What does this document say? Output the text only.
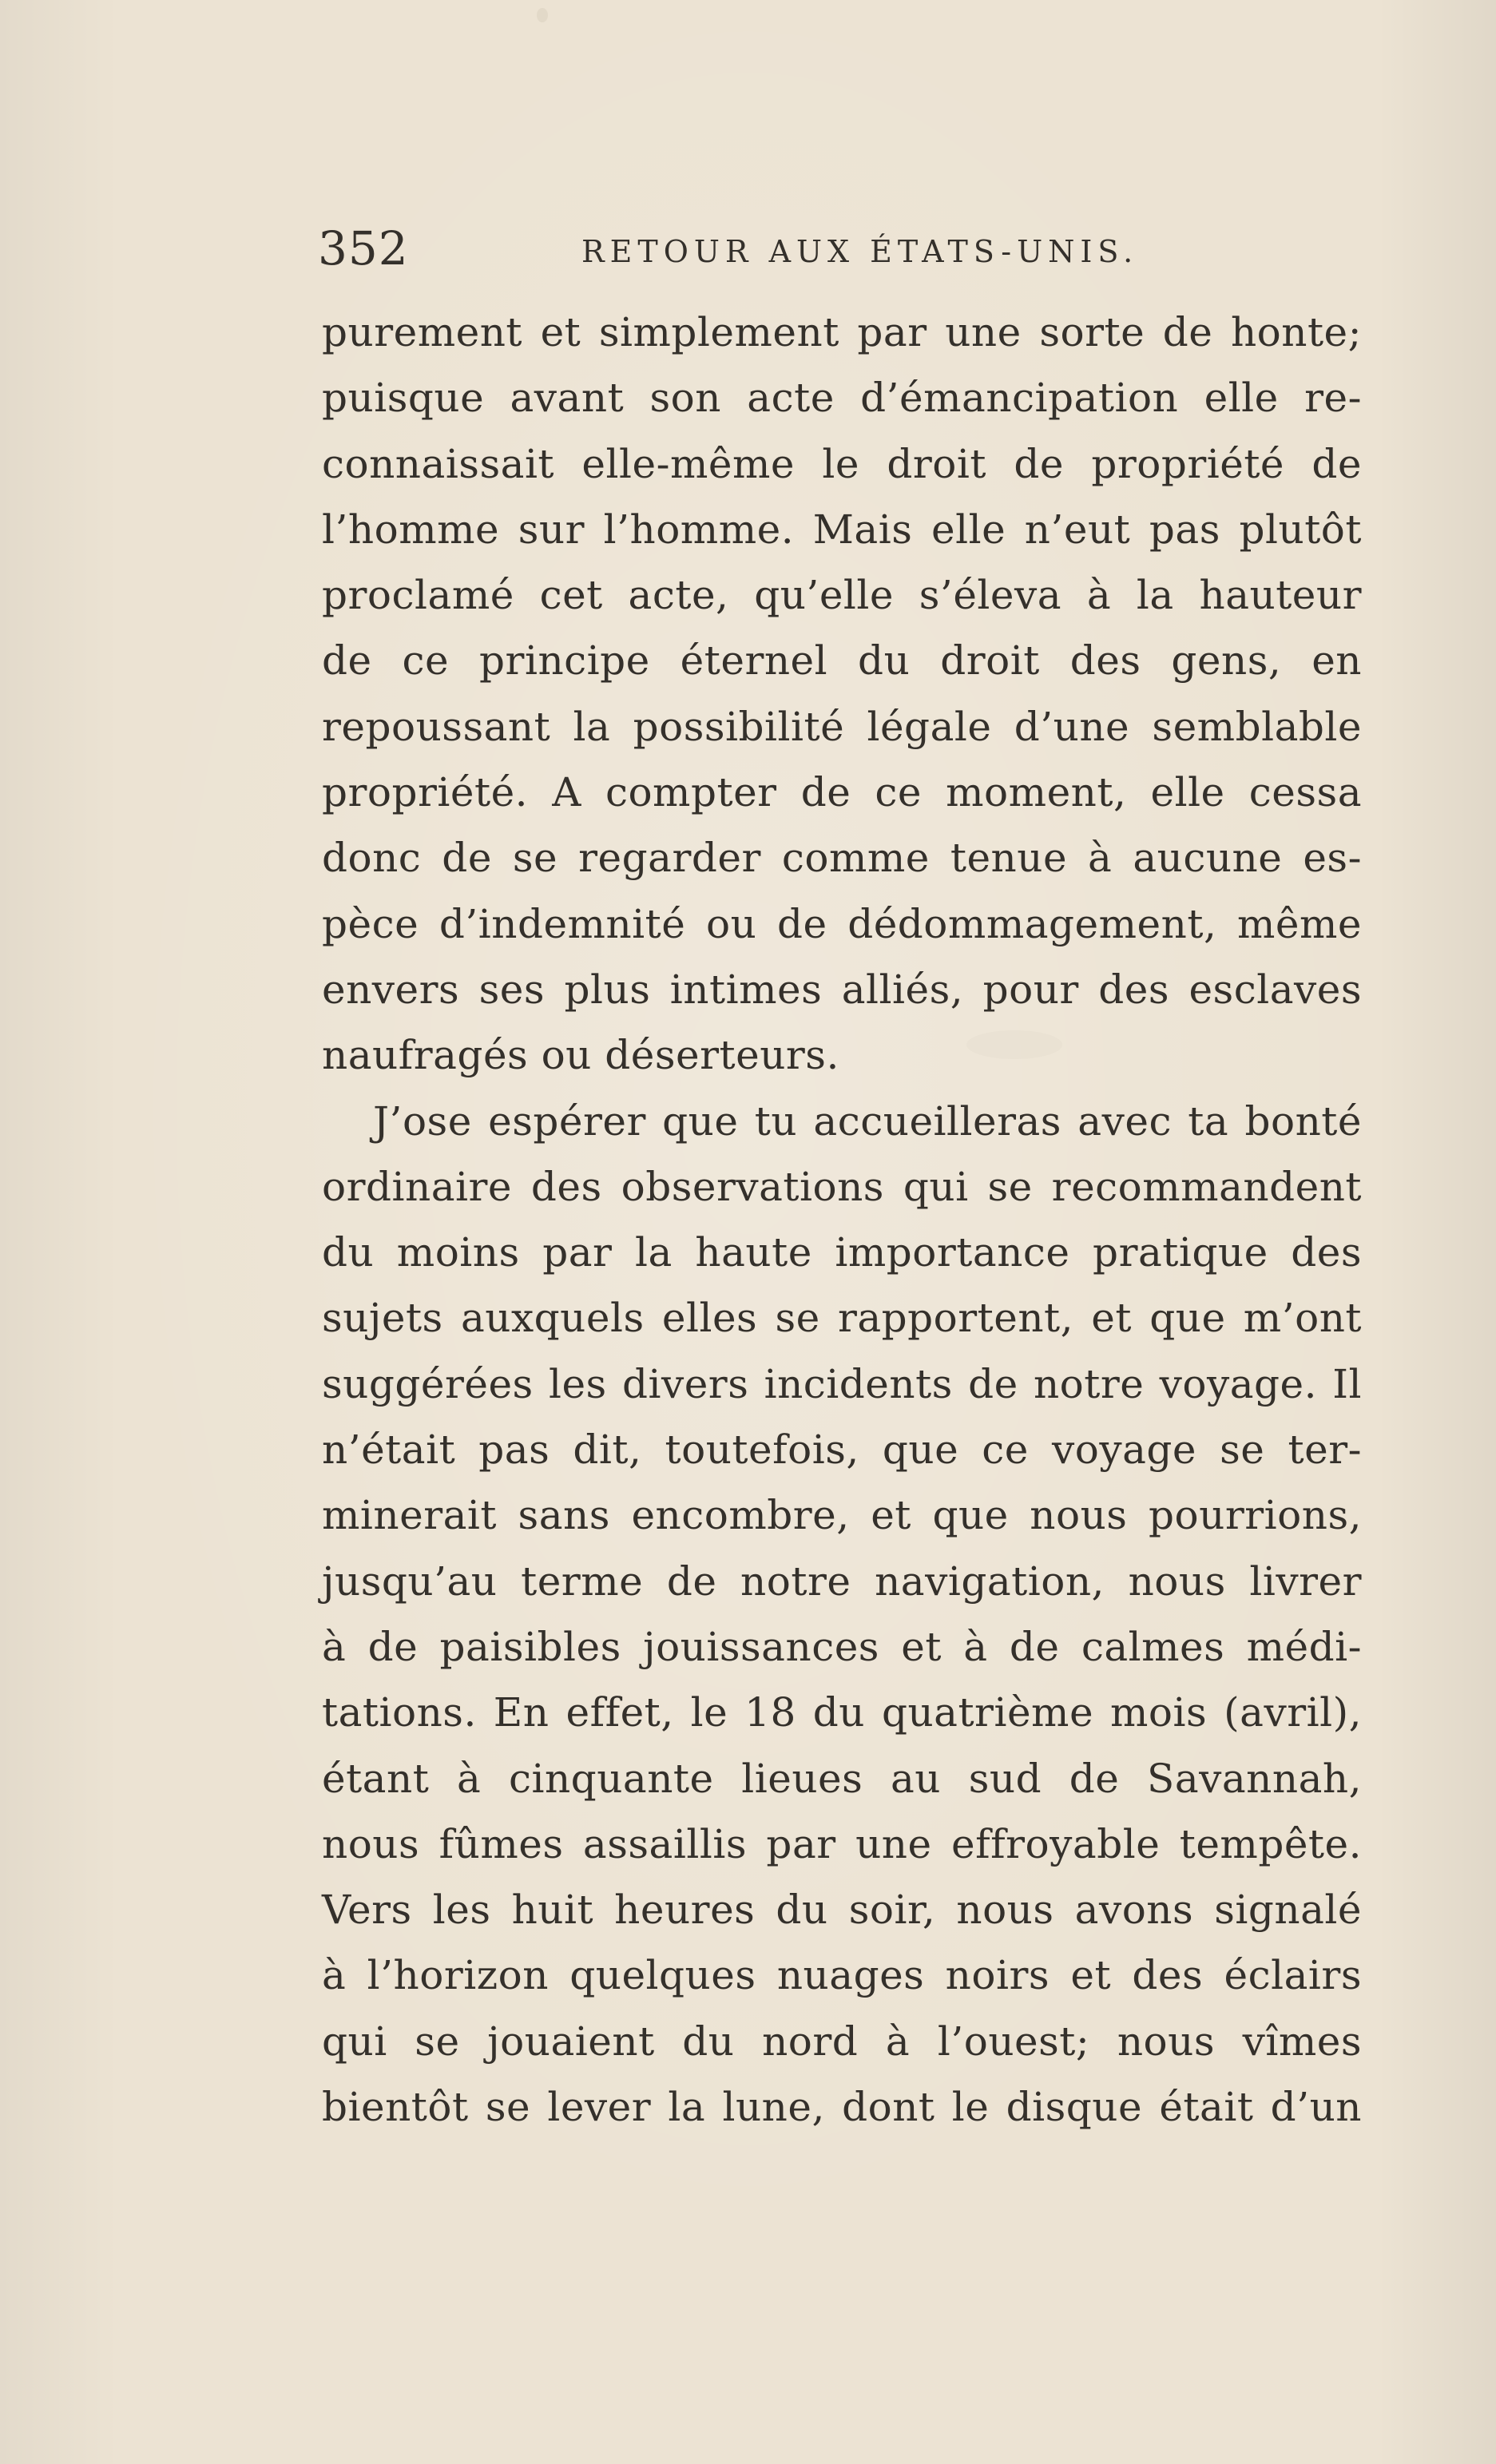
352	RETOUR AUX ÉTATS-UNIS.

purement et simplement par une sorte de honte;
puisque avant son acte d’émancipation elle re-
connaissait elle-même le droit de propriété de
l’homme sur l’homme. Mais elle n’eut pas plutôt
proclamé cet acte, qu’elle s’éleva à la hauteur
de ce principe éternel du droit des gens, en
repoussant la possibilité légale d’une semblable
propriété. A compter de ce moment, elle cessa
donc de se regarder comme tenue à aucune es-
pèce d’indemnité ou de dédommagement, même
envers ses plus intimes alliés, pour des esclaves
naufragés ou déserteurs.

J’ose espérer que tu accueilleras avec ta bonté
ordinaire des observations qui se recommandent
du moins par la haute importance pratique des
sujets auxquels elles se rapportent, et que m’ont
suggérées les divers incidents de notre voyage. Il
n’était pas dit, toutefois, que ce voyage se ter-
minerait sans encombre, et que nous pourrions,
jusqu’au terme de notre navigation, nous livrer
à de paisibles jouissances et à de calmes médi-
tations. En effet, le 18 du quatrième mois (avril),
étant à cinquante lieues au sud de Savannah,
nous fûmes assaillis par une effroyable tempête.
Vers les huit heures du soir, nous avons signalé
à l’horizon quelques nuages noirs et des éclairs
qui se jouaient du nord à l’ouest; nous vîmes
bientôt se lever la lune, dont le disque était d’un
